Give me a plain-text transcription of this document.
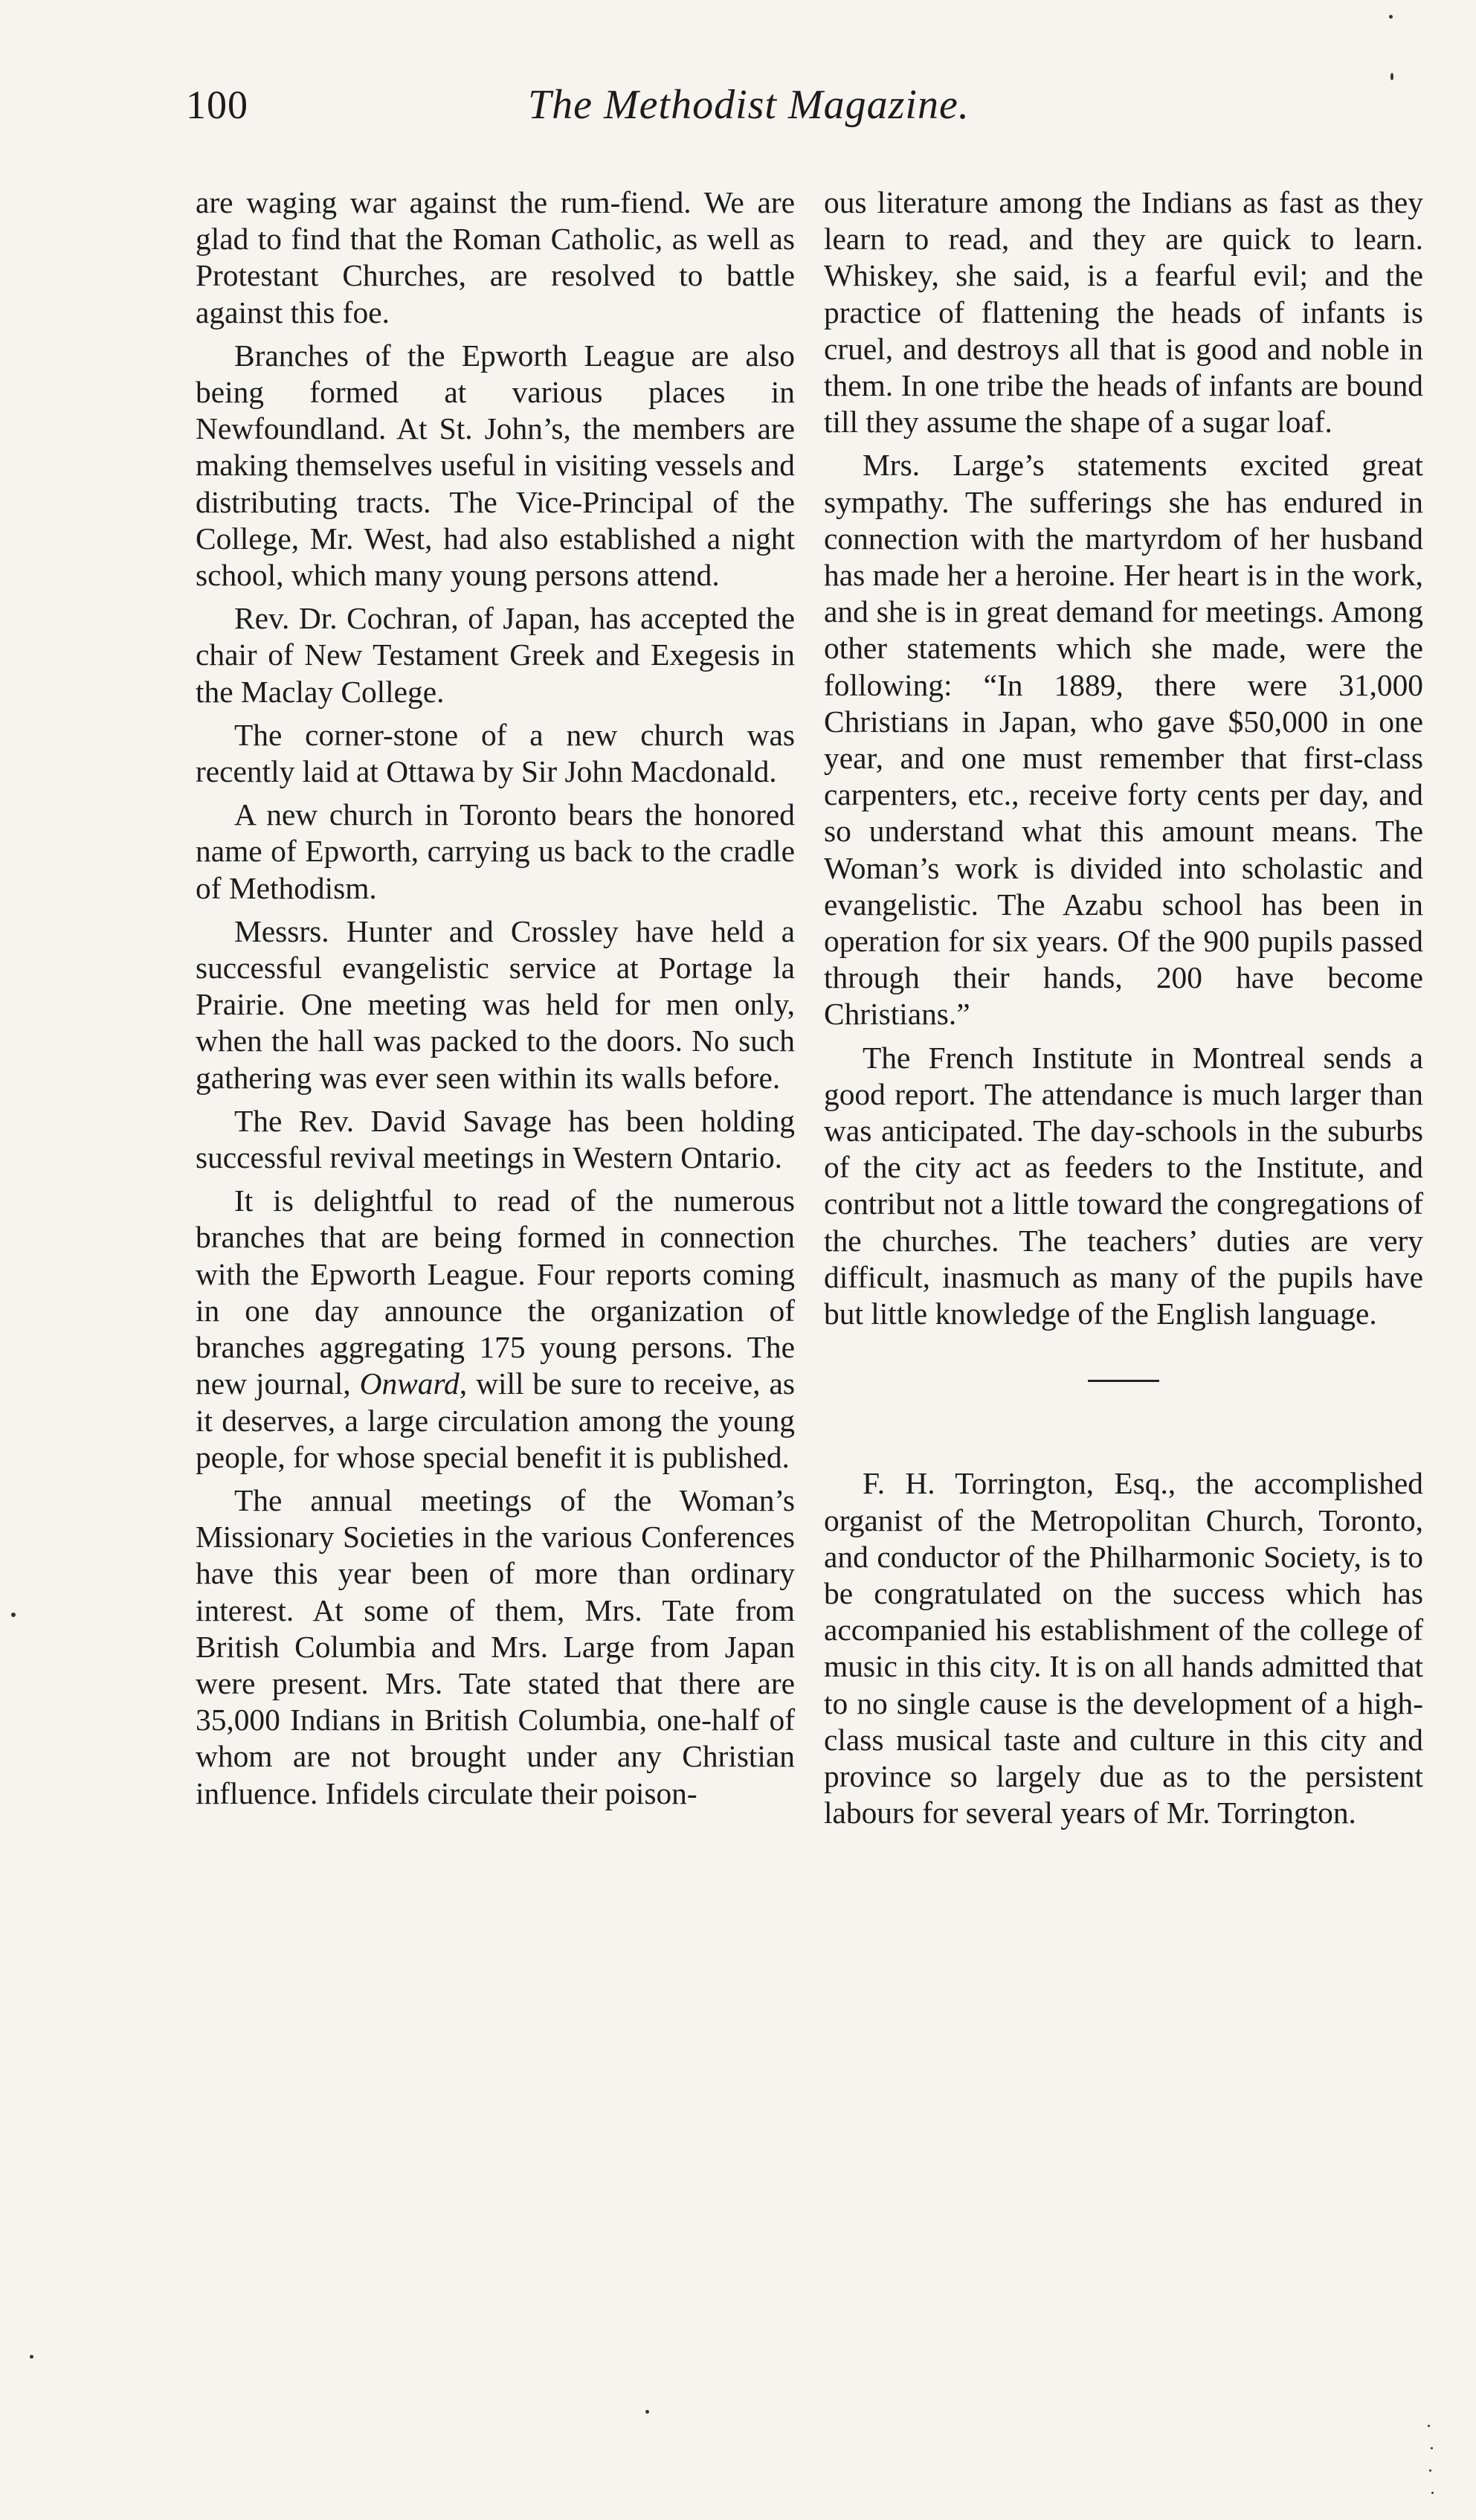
100	The Methodist Magazine.

are waging war against the rum-fiend. We are glad to find that the Roman Catholic, as well as Protestant Churches, are resolved to battle against this foe.

Branches of the Epworth League are also being formed at various places in Newfoundland. At St. John’s, the members are making themselves useful in visiting vessels and distributing tracts. The Vice-Principal of the College, Mr. West, had also established a night school, which many young persons attend.

Rev. Dr. Cochran, of Japan, has accepted the chair of New Testament Greek and Exegesis in the Maclay College.

The corner-stone of a new church was recently laid at Ottawa by Sir John Macdonald.

A new church in Toronto bears the honored name of Epworth, carrying us back to the cradle of Methodism.

Messrs. Hunter and Crossley have held a successful evangelistic service at Portage la Prairie. One meeting was held for men only, when the hall was packed to the doors. No such gathering was ever seen within its walls before.

The Rev. David Savage has been holding successful revival meetings in Western Ontario.

It is delightful to read of the numerous branches that are being formed in connection with the Epworth League. Four reports coming in one day announce the organization of branches aggregating 175 young persons. The new journal, Onward, will be sure to receive, as it deserves, a large circulation among the young people, for whose special benefit it is published.

The annual meetings of the Woman’s Missionary Societies in the various Conferences have this year been of more than ordinary interest. At some of them, Mrs. Tate from British Columbia and Mrs. Large from Japan were present. Mrs. Tate stated that there are 35,000 Indians in British Columbia, one-half of whom are not brought under any Christian influence. Infidels circulate their poison-

ous literature among the Indians as fast as they learn to read, and they are quick to learn. Whiskey, she said, is a fearful evil; and the practice of flattening the heads of infants is cruel, and destroys all that is good and noble in them. In one tribe the heads of infants are bound till they assume the shape of a sugar loaf.

Mrs. Large’s statements excited great sympathy. The sufferings she has endured in connection with the martyrdom of her husband has made her a heroine. Her heart is in the work, and she is in great demand for meetings. Among other statements which she made, were the following: “In 1889, there were 31,000 Christians in Japan, who gave $50,000 in one year, and one must remember that first-class carpenters, etc., receive forty cents per day, and so understand what this amount means. The Woman’s work is divided into scholastic and evangelistic. The Azabu school has been in operation for six years. Of the 900 pupils passed through their hands, 200 have become Christians.”

The French Institute in Montreal sends a good report. The attendance is much larger than was anticipated. The day-schools in the suburbs of the city act as feeders to the Institute, and contribut not a little toward the congregations of the churches. The teachers’ duties are very difficult, inasmuch as many of the pupils have but little knowledge of the English language.

F. H. Torrington, Esq., the accomplished organist of the Metropolitan Church, Toronto, and conductor of the Philharmonic Society, is to be congratulated on the success which has accompanied his establishment of the college of music in this city. It is on all hands admitted that to no single cause is the development of a high-class musical taste and culture in this city and province so largely due as to the persistent labours for several years of Mr. Torrington.
